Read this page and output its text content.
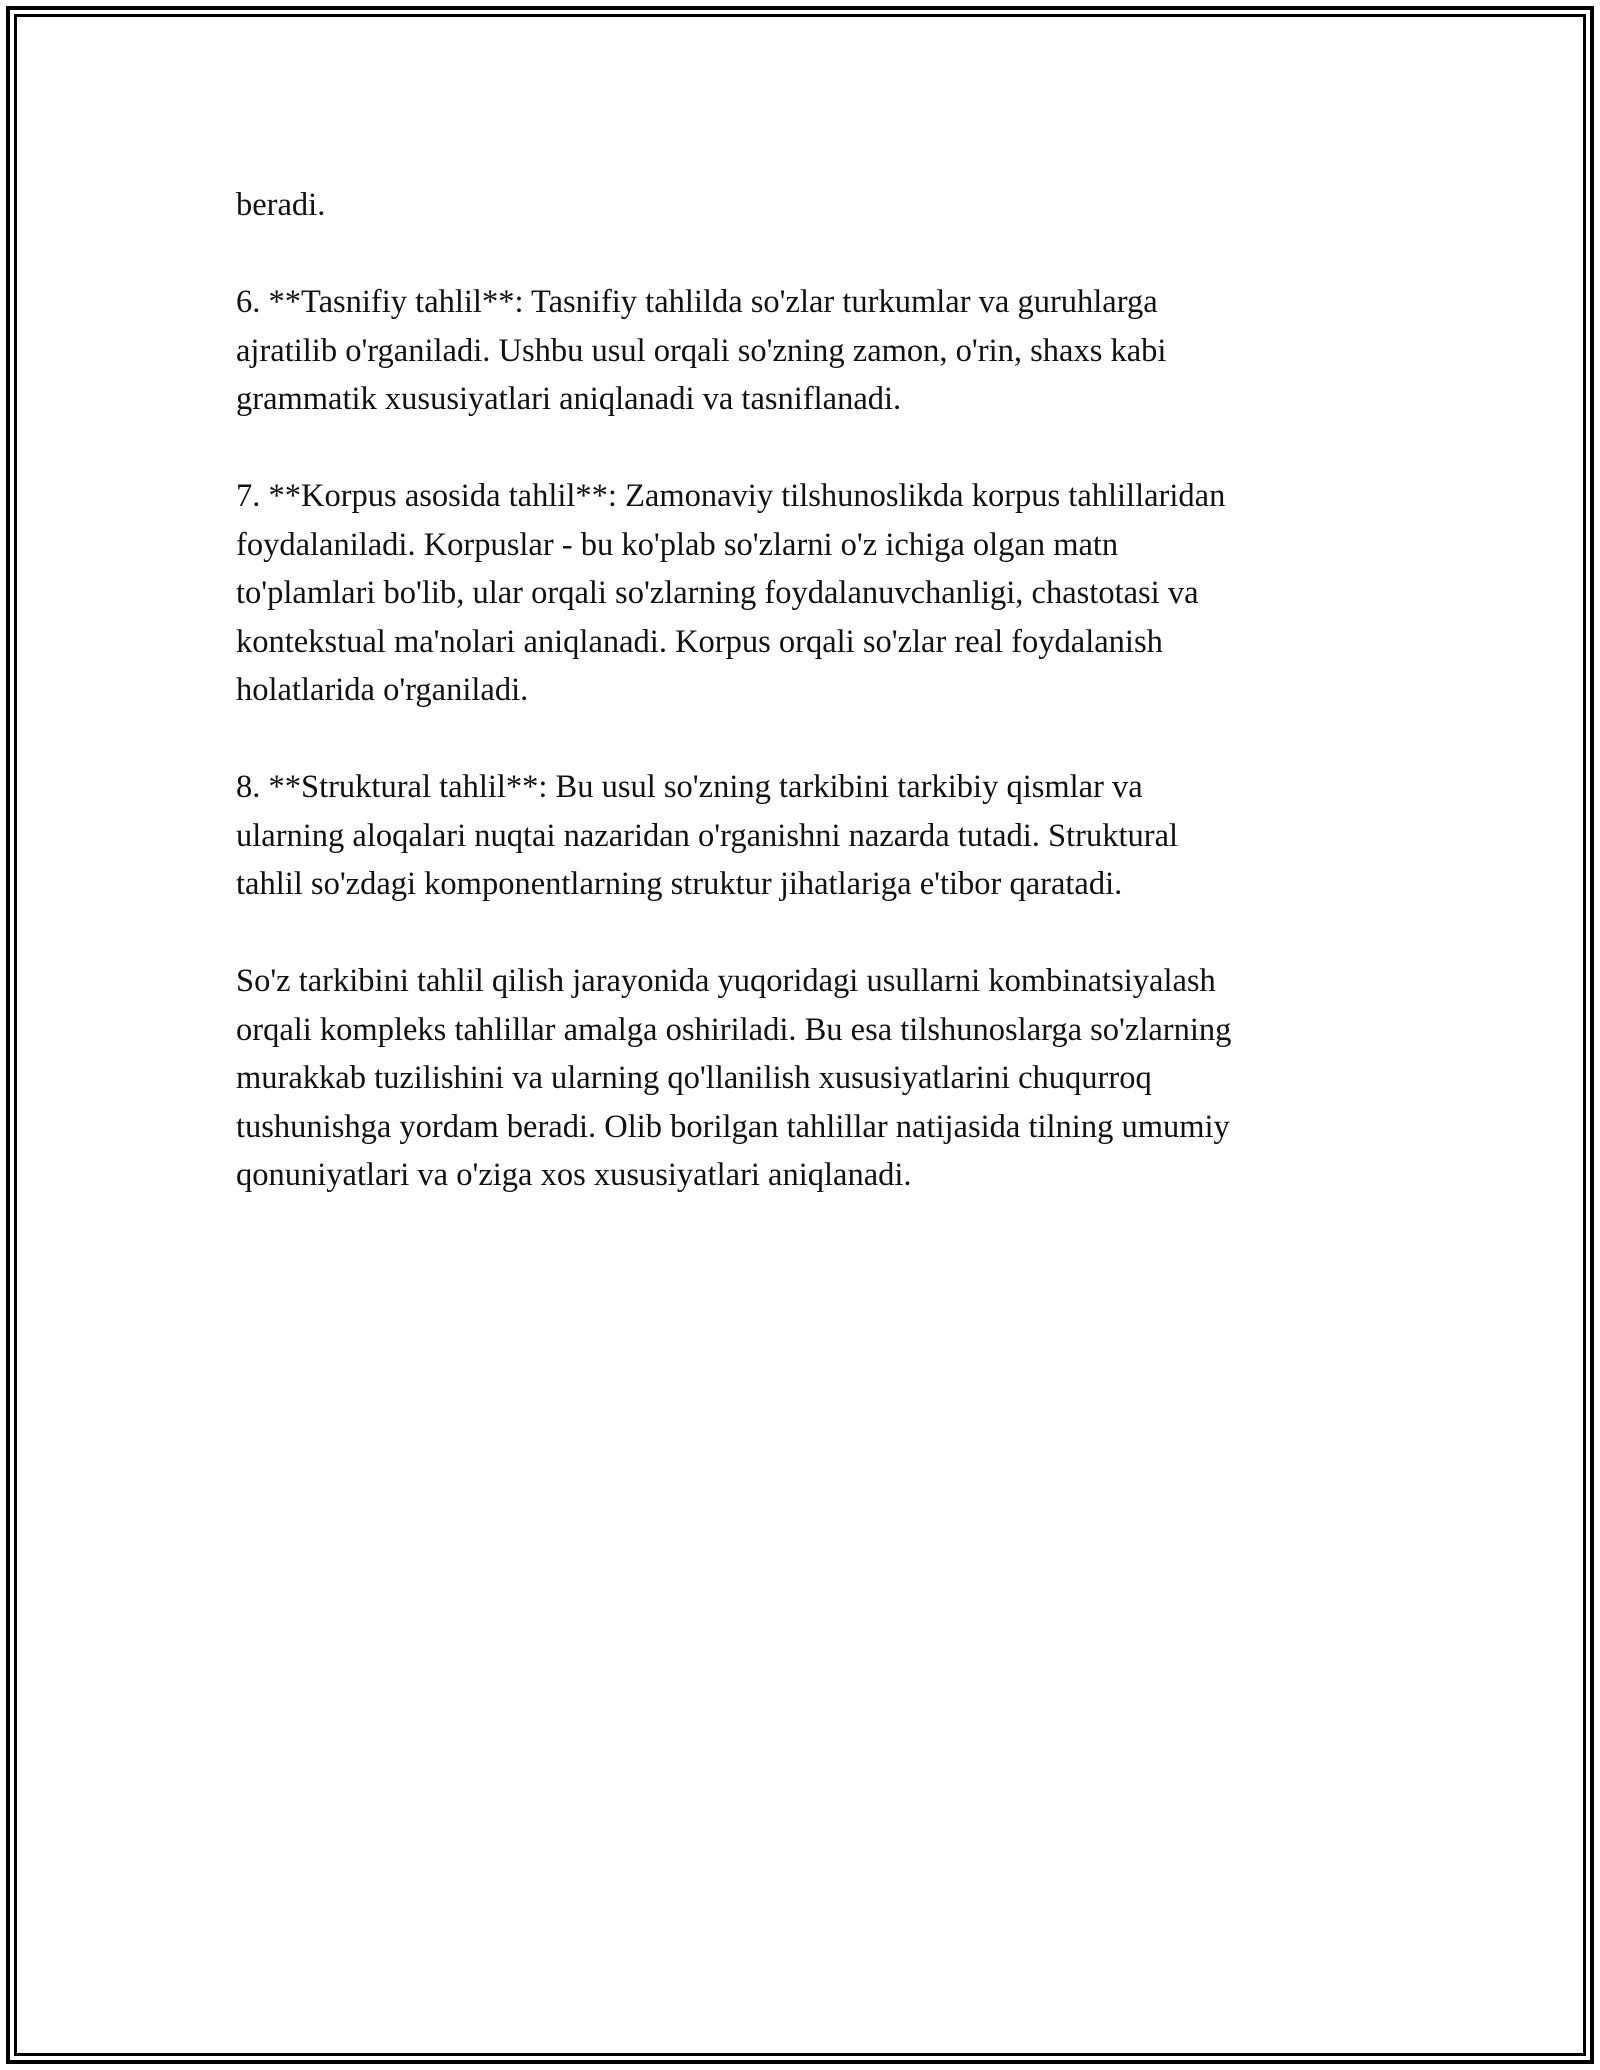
beradi.

6. **Tasnifiy tahlil**: Tasnifiy tahlilda so'zlar turkumlar va guruhlarga
ajratilib o'rganiladi. Ushbu usul orqali so'zning zamon, o'rin, shaxs kabi
grammatik xususiyatlari aniqlanadi va tasniflanadi.

7. **Korpus asosida tahlil**: Zamonaviy tilshunoslikda korpus tahlillaridan
foydalaniladi. Korpuslar - bu ko'plab so'zlarni o'z ichiga olgan matn
to'plamlari bo'lib, ular orqali so'zlarning foydalanuvchanligi, chastotasi va
kontekstual ma'nolari aniqlanadi. Korpus orqali so'zlar real foydalanish
holatlarida o'rganiladi.

8. **Struktural tahlil**: Bu usul so'zning tarkibini tarkibiy qismlar va
ularning aloqalari nuqtai nazaridan o'rganishni nazarda tutadi. Struktural
tahlil so'zdagi komponentlarning struktur jihatlariga e'tibor qaratadi.

So'z tarkibini tahlil qilish jarayonida yuqoridagi usullarni kombinatsiyalash
orqali kompleks tahlillar amalga oshiriladi. Bu esa tilshunoslarga so'zlarning
murakkab tuzilishini va ularning qo'llanilish xususiyatlarini chuqurroq
tushunishga yordam beradi. Olib borilgan tahlillar natijasida tilning umumiy
qonuniyatlari va o'ziga xos xususiyatlari aniqlanadi.
